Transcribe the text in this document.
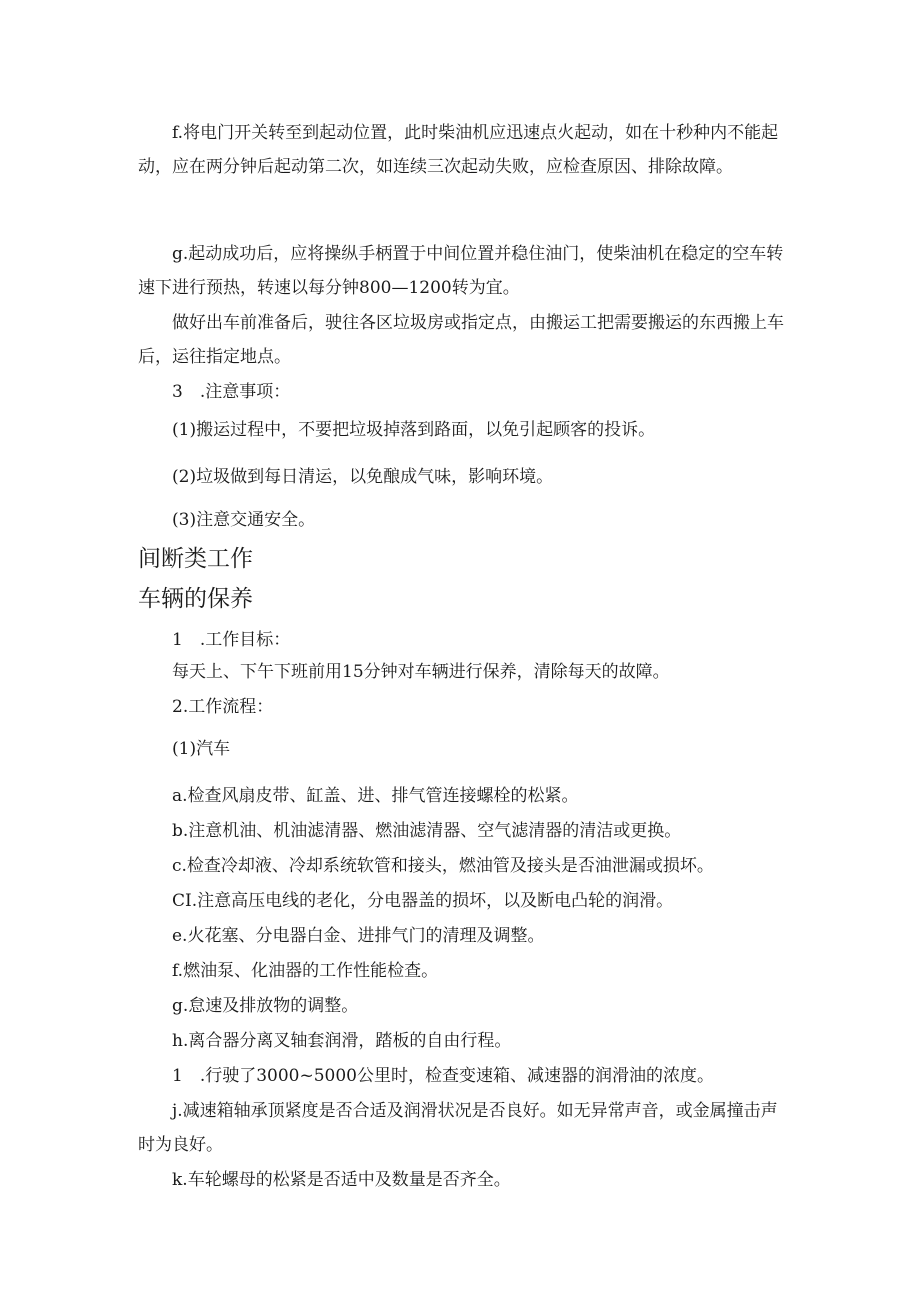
f.将电门开关转至到起动位置，此时柴油机应迅速点火起动，如在十秒种内不能起动，应在两分钟后起动第二次，如连续三次起动失败，应检查原因、排除故障。

g.起动成功后，应将操纵手柄置于中间位置并稳住油门，使柴油机在稳定的空车转速下进行预热，转速以每分钟800—1200转为宜。

做好出车前准备后，驶往各区垃圾房或指定点，由搬运工把需要搬运的东西搬上车后，运往指定地点。

3　.注意事项：

(1)搬运过程中，不要把垃圾掉落到路面，以免引起顾客的投诉。

(2)垃圾做到每日清运，以免酿成气味，影响环境。

(3)注意交通安全。

间断类工作
车辆的保养

1　.工作目标：

每天上、下午下班前用15分钟对车辆进行保养，清除每天的故障。

2.工作流程：

(1)汽车

a.检查风扇皮带、缸盖、进、排气管连接螺栓的松紧。

b.注意机油、机油滤清器、燃油滤清器、空气滤清器的清洁或更换。

c.检查冷却液、冷却系统软管和接头，燃油管及接头是否油泄漏或损坏。

CI.注意高压电线的老化，分电器盖的损坏，以及断电凸轮的润滑。

e.火花塞、分电器白金、进排气门的清理及调整。

f.燃油泵、化油器的工作性能检查。

g.怠速及排放物的调整。

h.离合器分离叉轴套润滑，踏板的自由行程。

1　.行驶了3000~5000公里时，检查变速箱、减速器的润滑油的浓度。

j.减速箱轴承顶紧度是否合适及润滑状况是否良好。如无异常声音，或金属撞击声时为良好。

k.车轮螺母的松紧是否适中及数量是否齐全。
